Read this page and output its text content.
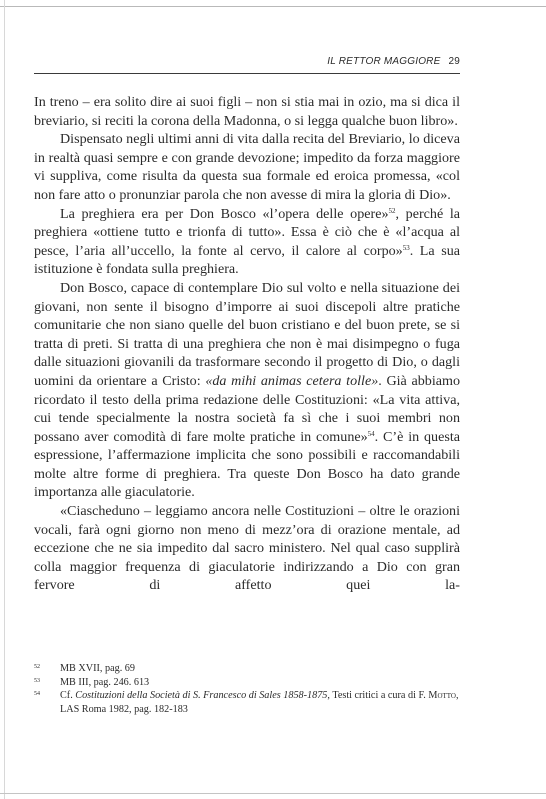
IL RETTOR MAGGIORE 29

In treno – era solito dire ai suoi figli – non si stia mai in ozio, ma si dica il breviario, si reciti la corona della Madonna, o si legga qualche buon libro».

Dispensato negli ultimi anni di vita dalla recita del Breviario, lo diceva in realtà quasi sempre e con grande devozione; impedito da forza maggiore vi suppliva, come risulta da questa sua formale ed eroica promessa, «col non fare atto o pronunziar parola che non avesse di mira la gloria di Dio».

La preghiera era per Don Bosco «l’opera delle opere»$^{52}$, perché la preghiera «ottiene tutto e trionfa di tutto». Essa è ciò che è «l’acqua al pesce, l’aria all’uccello, la fonte al cervo, il calore al corpo»$^{53}$. La sua istituzione è fondata sulla preghiera.

Don Bosco, capace di contemplare Dio sul volto e nella situazione dei giovani, non sente il bisogno d’imporre ai suoi discepoli altre pratiche comunitarie che non siano quelle del buon cristiano e del buon prete, se si tratta di preti. Si tratta di una preghiera che non è mai disimpegno o fuga dalle situazioni giovanili da trasformare secondo il progetto di Dio, o dagli uomini da orientare a Cristo: «da mihi animas cetera tolle». Già abbiamo ricordato il testo della prima redazione delle Costituzioni: «La vita attiva, cui tende specialmente la nostra società fa sì che i suoi membri non possano aver comodità di fare molte pratiche in comune»$^{54}$. C’è in questa espressione, l’affermazione implicita che sono possibili e raccomandabili molte altre forme di preghiera. Tra queste Don Bosco ha dato grande importanza alle giaculatorie.

«Ciascheduno – leggiamo ancora nelle Costituzioni – oltre le orazioni vocali, farà ogni giorno non meno di mezz’ora di orazione mentale, ad eccezione che ne sia impedito dal sacro ministero. Nel qual caso supplirà colla maggior frequenza di giaculatorie indirizzando a Dio con gran fervore di affetto quei la-

52 MB XVII, pag. 69
53 MB III, pag. 246. 613
54 Cf. Costituzioni della Società di S. Francesco di Sales 1858-1875, Testi critici a cura di F. Motto, LAS Roma 1982, pag. 182-183
